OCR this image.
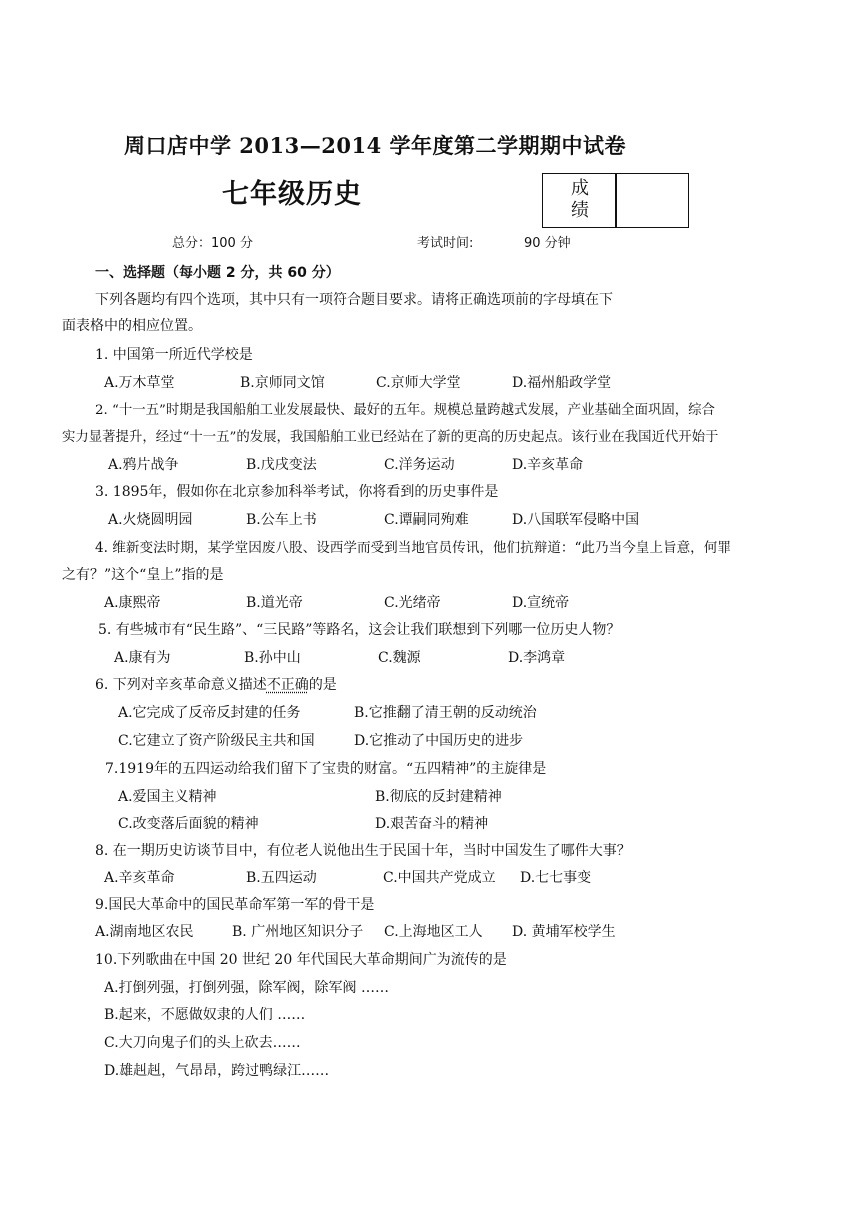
周口店中学 2013—2014 学年度第二学期期中试卷
七年级历史	成绩
总分：100 分	考试时间:	90 分钟
一、选择题（每小题 2 分，共 60 分）
下列各题均有四个选项，其中只有一项符合题目要求。请将正确选项前的字母填在下
面表格中的相应位置。
1. 中国第一所近代学校是
A.万木草堂	B.京师同文馆	C.京师大学堂	D.福州船政学堂
2. “十一五”时期是我国船舶工业发展最快、最好的五年。规模总量跨越式发展，产业基础全面巩固，综合
实力显著提升，经过“十一五”的发展，我国船舶工业已经站在了新的更高的历史起点。该行业在我国近代开始于
A.鸦片战争	B.戊戌变法	C.洋务运动	D.辛亥革命
3. 1895年，假如你在北京参加科举考试，你将看到的历史事件是
A.火烧圆明园	B.公车上书	C.谭嗣同殉难	D.八国联军侵略中国
4. 维新变法时期，某学堂因废八股、设西学而受到当地官员传讯，他们抗辩道：“此乃当今皇上旨意，何罪
之有？”这个“皇上”指的是
A.康熙帝	B.道光帝	C.光绪帝	D.宣统帝
5. 有些城市有“民生路”、“三民路”等路名，这会让我们联想到下列哪一位历史人物？
A.康有为	B.孙中山	C.魏源	D.李鸿章
6. 下列对辛亥革命意义描述不正确的是
A.它完成了反帝反封建的任务	B.它推翻了清王朝的反动统治
C.它建立了资产阶级民主共和国	D.它推动了中国历史的进步
7.1919年的五四运动给我们留下了宝贵的财富。“五四精神”的主旋律是
A.爱国主义精神	B.彻底的反封建精神
C.改变落后面貌的精神	D.艰苦奋斗的精神
8. 在一期历史访谈节目中，有位老人说他出生于民国十年，当时中国发生了哪件大事？
A.辛亥革命	B.五四运动	C.中国共产党成立 D.七七事变
9.国民大革命中的国民革命军第一军的骨干是
A.湖南地区农民	B. 广州地区知识分子 C.上海地区工人 D. 黄埔军校学生
10.下列歌曲在中国 20 世纪 20 年代国民大革命期间广为流传的是
A.打倒列强，打倒列强，除军阀，除军阀 ……
B.起来，不愿做奴隶的人们 ……
C.大刀向鬼子们的头上砍去……
D.雄赳赳，气昂昂，跨过鸭绿江……
